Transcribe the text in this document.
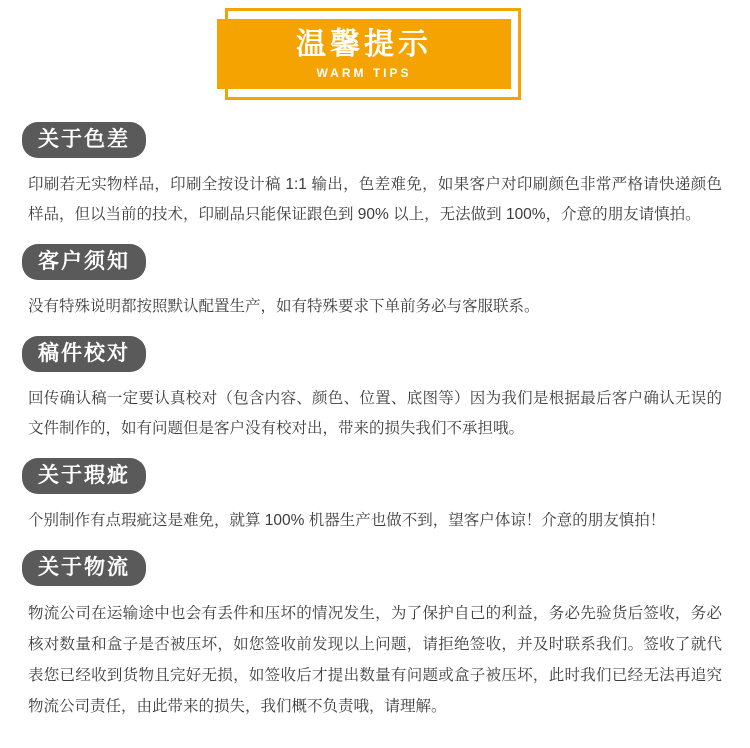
温馨提示
WARM TIPS
关于色差

印刷若无实物样品，印刷全按设计稿 1:1 输出，色差难免，如果客户对印刷颜色非常严格请快递颜色样品，但以当前的技术，印刷品只能保证跟色到 90% 以上，无法做到 100%，介意的朋友请慎拍。

客户须知

没有特殊说明都按照默认配置生产，如有特殊要求下单前务必与客服联系。

稿件校对

回传确认稿一定要认真校对（包含内容、颜色、位置、底图等）因为我们是根据最后客户确认无误的文件制作的，如有问题但是客户没有校对出，带来的损失我们不承担哦。

关于瑕疵

个别制作有点瑕疵这是难免，就算 100% 机器生产也做不到，望客户体谅！介意的朋友慎拍！

关于物流

物流公司在运输途中也会有丢件和压坏的情况发生，为了保护自己的利益，务必先验货后签收，务必核对数量和盒子是否被压坏，如您签收前发现以上问题，请拒绝签收，并及时联系我们。签收了就代表您已经收到货物且完好无损，如签收后才提出数量有问题或盒子被压坏，此时我们已经无法再追究物流公司责任，由此带来的损失，我们概不负责哦，请理解。
